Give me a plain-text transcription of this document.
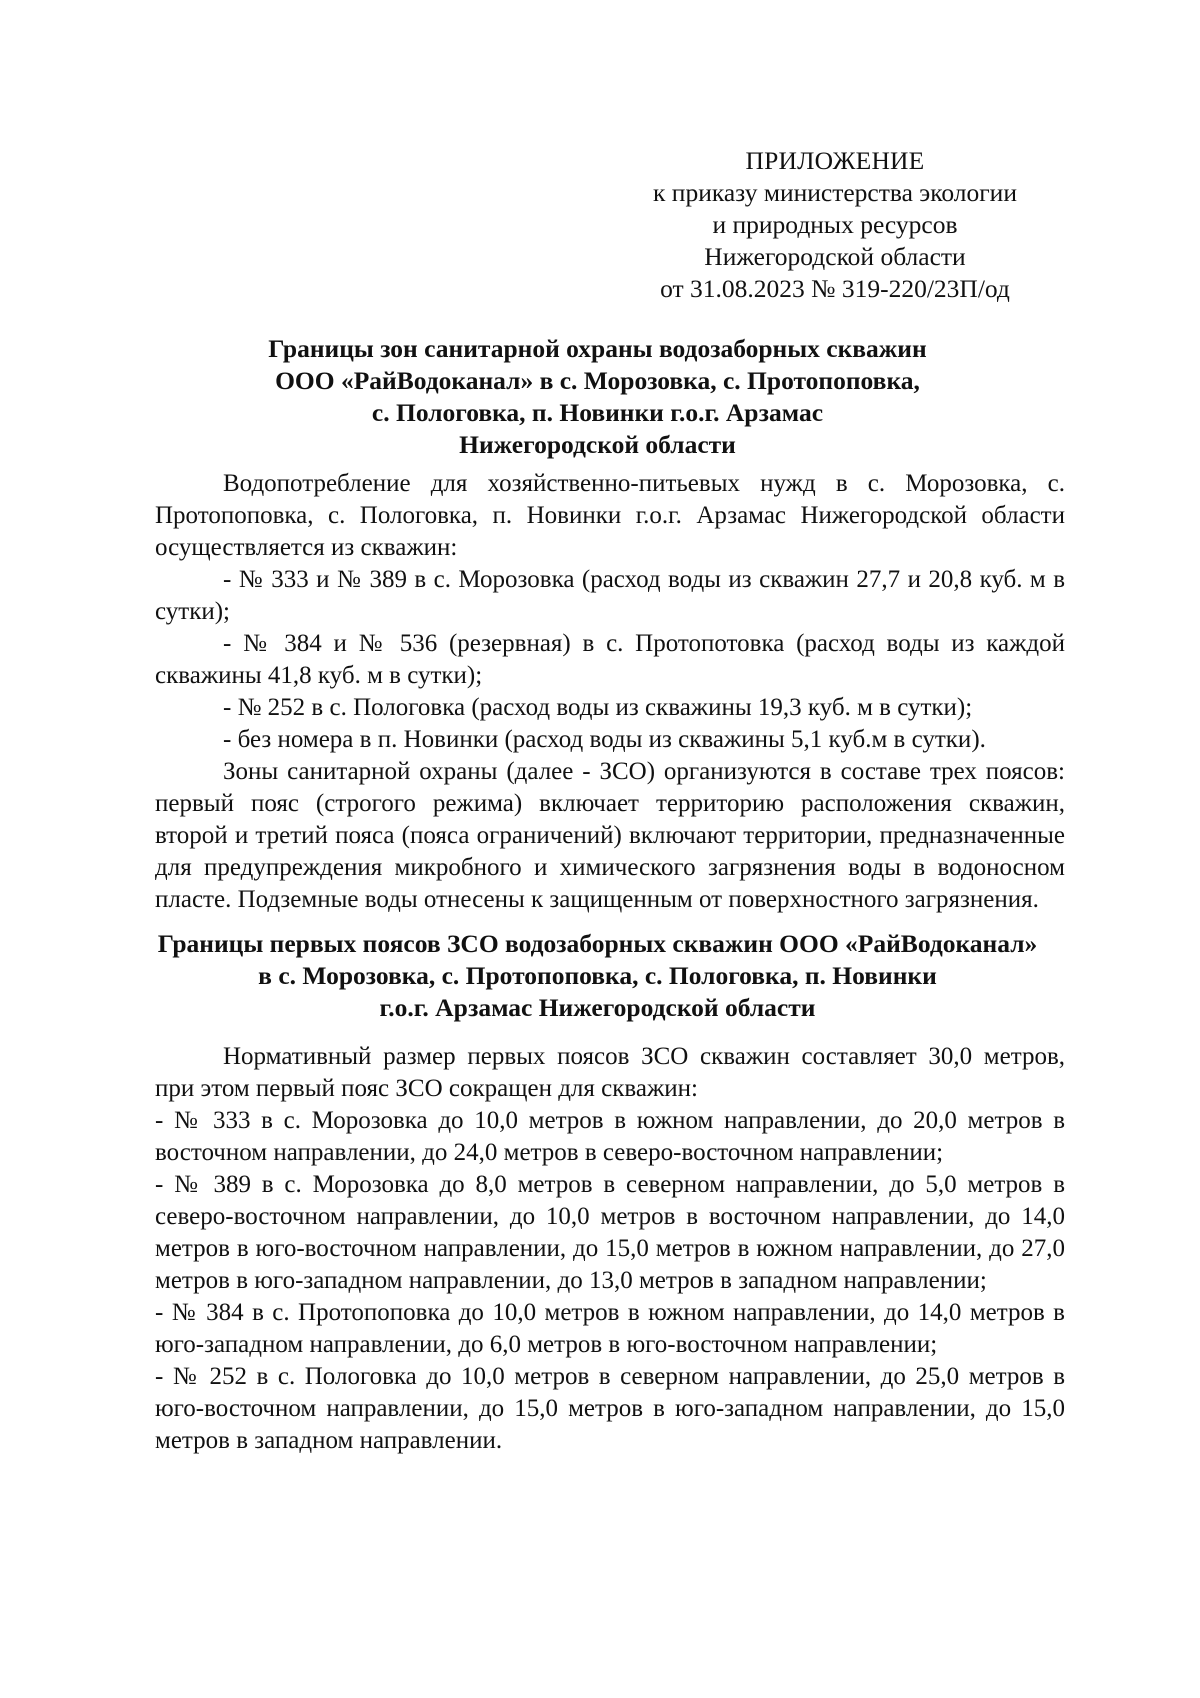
ПРИЛОЖЕНИЕ
к приказу министерства экологии
и природных ресурсов
Нижегородской области
от 31.08.2023 № 319-220/23П/од
Границы зон санитарной охраны водозаборных скважин
ООО «РайВодоканал» в с. Морозовка, с. Протопоповка,
с. Пологовка, п. Новинки г.о.г. Арзамас
Нижегородской области

Водопотребление для хозяйственно-питьевых нужд в с. Морозовка, с. Протопоповка, с. Пологовка, п. Новинки г.о.г. Арзамас Нижегородской области осуществляется из скважин:

- № 333 и № 389 в с. Морозовка (расход воды из скважин 27,7 и 20,8 куб. м в сутки);

- № 384 и № 536 (резервная) в с. Протопотовка (расход воды из каждой скважины 41,8 куб. м в сутки);

- № 252 в с. Пологовка (расход воды из скважины 19,3 куб. м в сутки);

- без номера в п. Новинки (расход воды из скважины 5,1 куб.м в сутки).

Зоны санитарной охраны (далее - ЗСО) организуются в составе трех поясов: первый пояс (строгого режима) включает территорию расположения скважин, второй и третий пояса (пояса ограничений) включают территории, предназначенные для предупреждения микробного и химического загрязнения воды в водоносном пласте. Подземные воды отнесены к защищенным от поверхностного загрязнения.

Границы первых поясов ЗСО водозаборных скважин ООО «РайВодоканал»
в с. Морозовка, с. Протопоповка, с. Пологовка, п. Новинки
г.о.г. Арзамас Нижегородской области

Нормативный размер первых поясов ЗСО скважин составляет 30,0 метров, при этом первый пояс ЗСО сокращен для скважин:

- № 333 в с. Морозовка до 10,0 метров в южном направлении, до 20,0 метров в восточном направлении, до 24,0 метров в северо-восточном направлении;

- № 389 в с. Морозовка до 8,0 метров в северном направлении, до 5,0 метров в северо-восточном направлении, до 10,0 метров в восточном направлении, до 14,0 метров в юго-восточном направлении, до 15,0 метров в южном направлении, до 27,0 метров в юго-западном направлении, до 13,0 метров в западном направлении;

- № 384 в с. Протопоповка до 10,0 метров в южном направлении, до 14,0 метров в юго-западном направлении, до 6,0 метров в юго-восточном направлении;

- № 252 в с. Пологовка до 10,0 метров в северном направлении, до 25,0 метров в юго-восточном направлении, до 15,0 метров в юго-западном направлении, до 15,0 метров в западном направлении.
